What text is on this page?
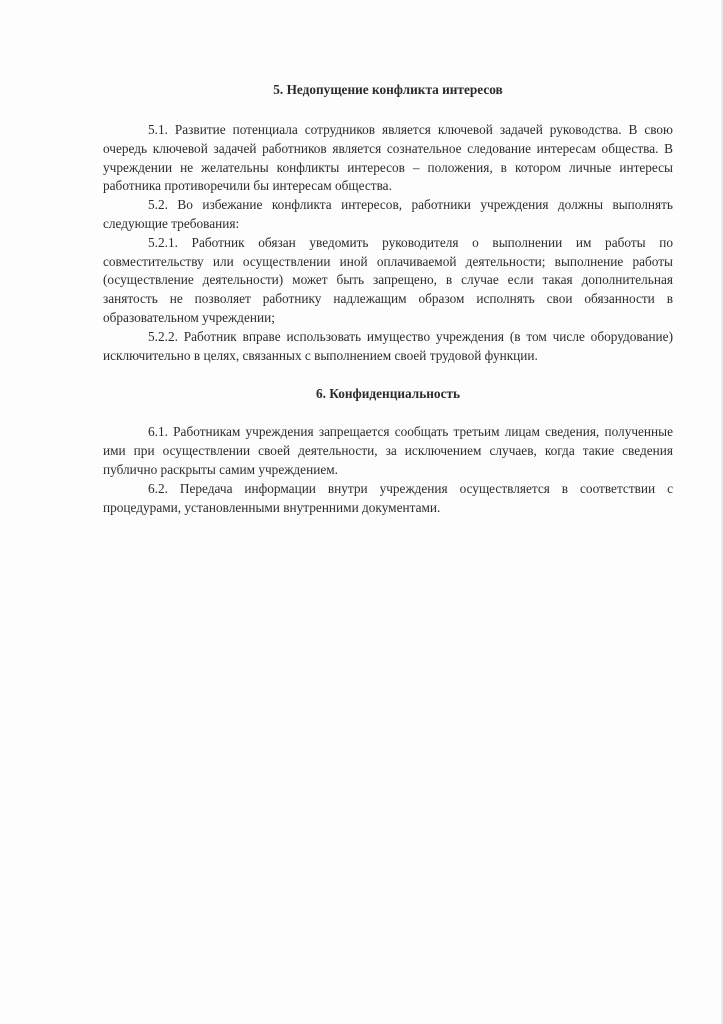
5. Недопущение конфликта интересов

5.1. Развитие потенциала сотрудников является ключевой задачей руководства. В свою очередь ключевой задачей работников является сознательное следование интересам общества. В учреждении не желательны конфликты интересов – положения, в котором личные интересы работника противоречили бы интересам общества.

5.2. Во избежание конфликта интересов, работники учреждения должны выполнять следующие требования:

5.2.1. Работник обязан уведомить руководителя о выполнении им работы по совместительству или осуществлении иной оплачиваемой деятельности; выполнение работы (осуществление деятельности) может быть запрещено, в случае если такая дополнительная занятость не позволяет работнику надлежащим образом исполнять свои обязанности в образовательном учреждении;

5.2.2. Работник вправе использовать имущество учреждения (в том числе оборудование) исключительно в целях, связанных с выполнением своей трудовой функции.

6. Конфиденциальность

6.1. Работникам учреждения запрещается сообщать третьим лицам сведения, полученные ими при осуществлении своей деятельности, за исключением случаев, когда такие сведения публично раскрыты самим учреждением.

6.2. Передача информации внутри учреждения осуществляется в соответствии с процедурами, установленными внутренними документами.
